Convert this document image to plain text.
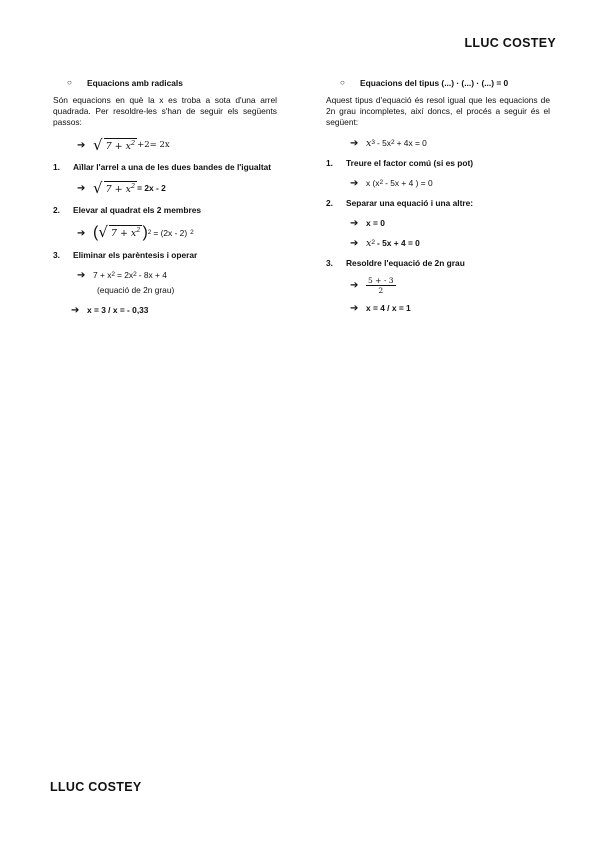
LLUC COSTEY
○ Equacions amb radicals
Són equacions en què la x es troba a sota d'una arrel quadrada. Per resoldre-les s'han de seguir els següents passos:
➔ √ $7 + x^2 +2= 2x$
1.	Aïllar l'arrel a una de les dues bandes de l'igualtat
➔ √ $7 + x^2 = 2x - 2$
2.	Elevar al quadrat els 2 membres
➔ ( √ $7 + x^2$ ) 2 = (2x - 2) 2
3.	Eliminar els parèntesis i operar
➔ 7 + x 2 = 2x 2 - 8x + 4
(equació de 2n grau)
➔ x = 3 / x = - 0,33
○ Equacions del tipus (...) · (...) · (...) = 0
Aquest tipus d'equació és resol igual que les equacions de 2n grau incompletes, així doncs, el procés a seguir és el següent:
➔ x 3 - 5x 2 + 4x = 0
1.	Treure el factor comú (si es pot)
➔ x (x 2 - 5x + 4 ) = 0
2.	Separar una equació i una altre:
➔ x = 0
➔ x 2 - 5x + 4 = 0
3.	Resoldre l'equació de 2n grau
➔	$\frac{5 + - 3}{2}$
➔ x = 4 / x = 1
LLUC COSTEY
